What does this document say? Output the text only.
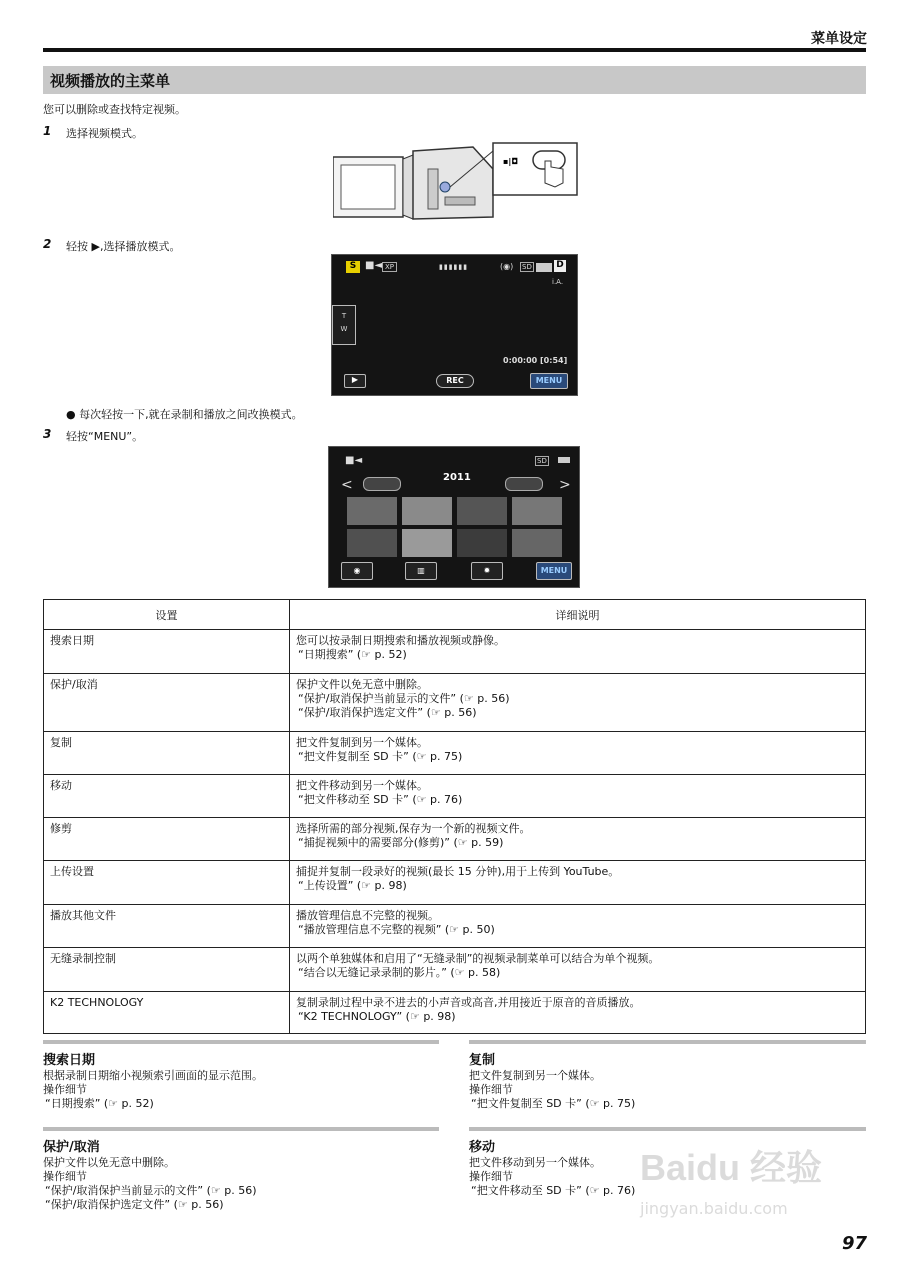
菜单设定
视频播放的主菜单
您可以删除或查找特定视频。
1 选择视频模式。
▪|◘
2 轻按 ▶,选择播放模式。
S ■◄ XP	▮▮▮▮▮▮	(◉) SD	D
i.A.
T
W
0:00:00 [0:54]
▶	REC	MENU
● 每次轻按一下,就在录制和播放之间改换模式。
3 轻按“MENU”。
■◄	SD
<	2011	>
◉	▥	✹	MENU
设置	详细说明
搜索日期	您可以按录制日期搜索和播放视频或静像。
“日期搜索” (☞ p. 52)

保护/取消	保护文件以免无意中删除。
“保护/取消保护当前显示的文件” (☞ p. 56)
“保护/取消保护选定文件” (☞ p. 56)

复制	把文件复制到另一个媒体。
“把文件复制至 SD 卡” (☞ p. 75)

移动	把文件移动到另一个媒体。
“把文件移动至 SD 卡” (☞ p. 76)

修剪	选择所需的部分视频,保存为一个新的视频文件。
“捕捉视频中的需要部分(修剪)” (☞ p. 59)

上传设置	捕捉并复制一段录好的视频(最长 15 分钟),用于上传到 YouTube。
“上传设置” (☞ p. 98)

播放其他文件	播放管理信息不完整的视频。
“播放管理信息不完整的视频” (☞ p. 50)

无缝录制控制	以两个单独媒体和启用了“无缝录制”的视频录制菜单可以结合为单个视频。
“结合以无缝记录录制的影片。” (☞ p. 58)

K2 TECHNOLOGY	复制录制过程中录不进去的小声音或高音,并用接近于原音的音质播放。
“K2 TECHNOLOGY” (☞ p. 98)
搜索日期
根据录制日期缩小视频索引画面的显示范围。
操作细节
“日期搜索” (☞ p. 52)
复制
把文件复制到另一个媒体。
操作细节
“把文件复制至 SD 卡” (☞ p. 75)
保护/取消
保护文件以免无意中删除。
操作细节
“保护/取消保护当前显示的文件” (☞ p. 56)
“保护/取消保护选定文件” (☞ p. 56)
移动
把文件移动到另一个媒体。
操作细节
“把文件移动至 SD 卡” (☞ p. 76)
Baidu 经验
jingyan.baidu.com
97
